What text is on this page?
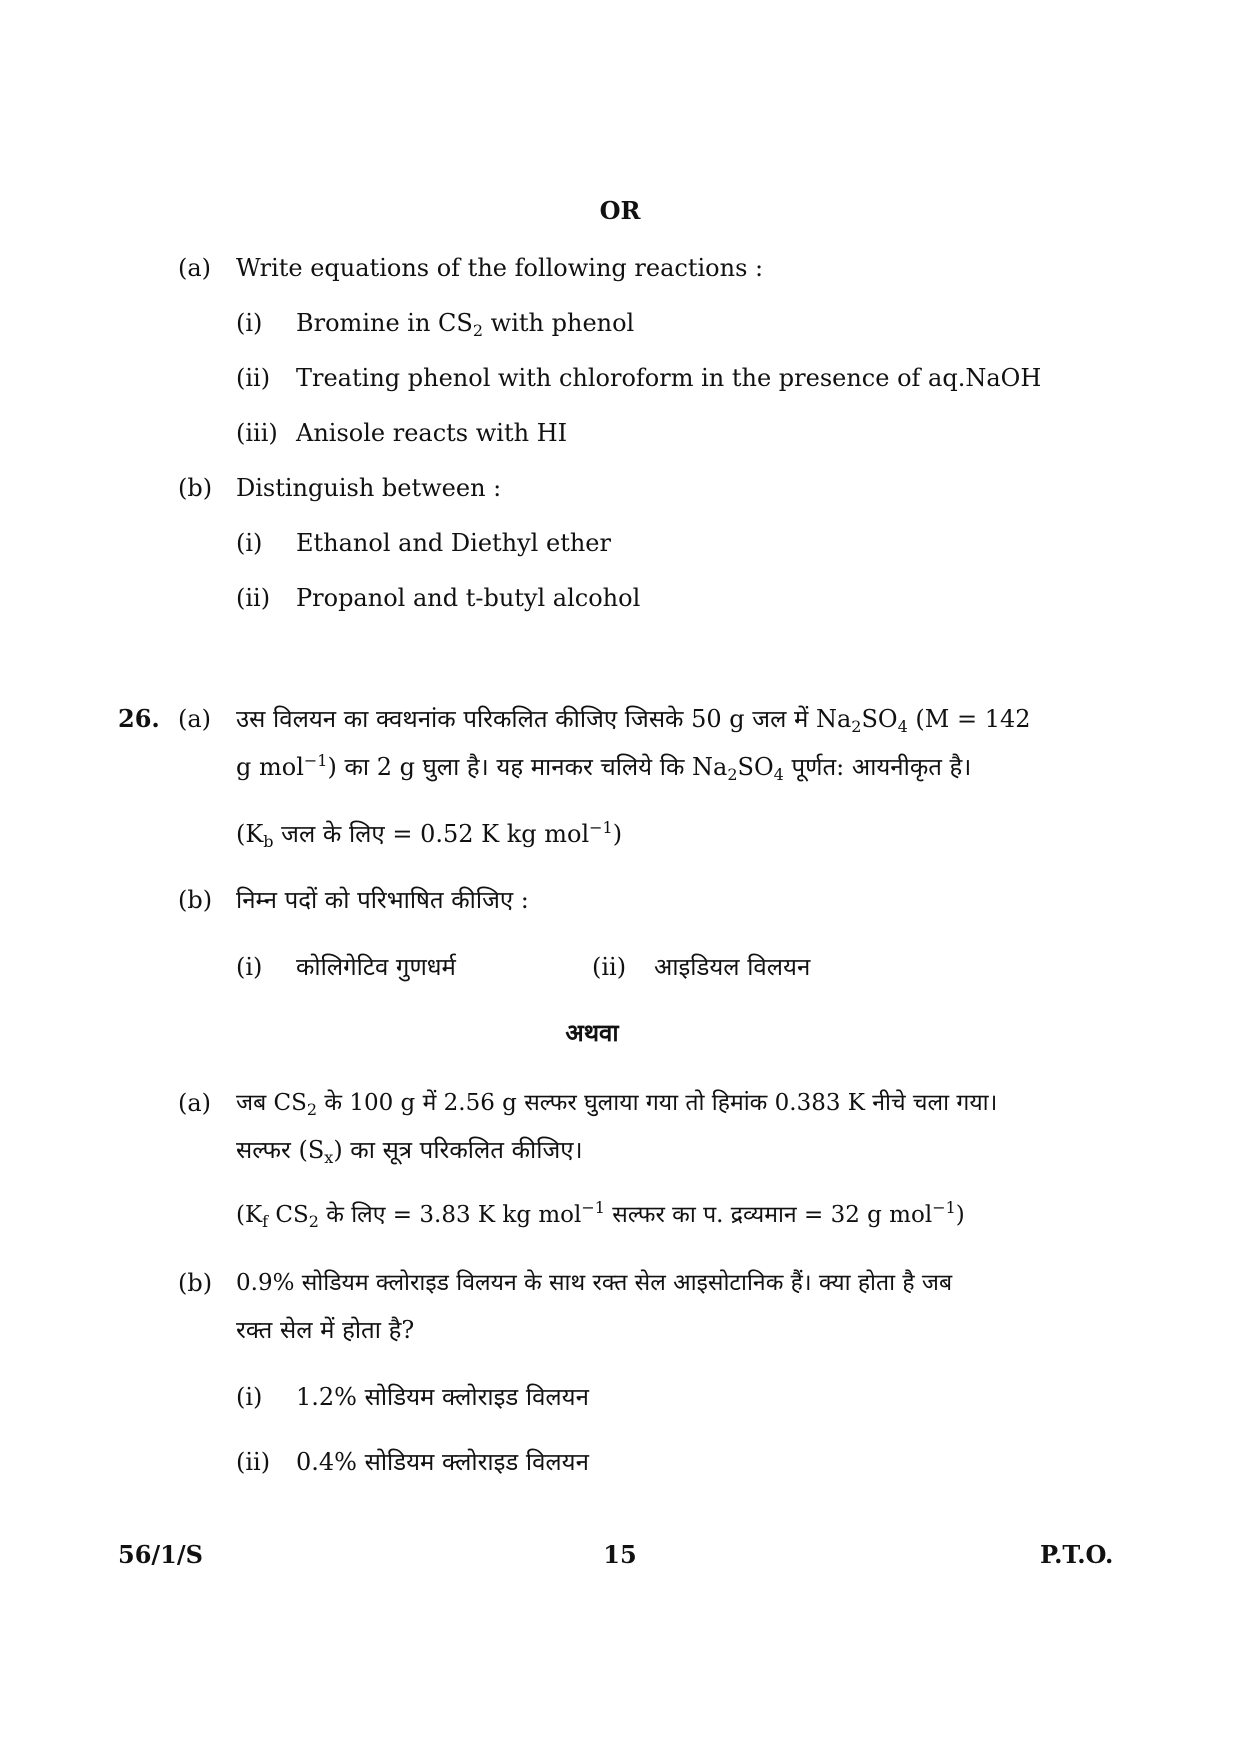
OR
(a) Write equations of the following reactions :
(i) Bromine in $CS_2$ with phenol
(ii) Treating phenol with chloroform in the presence of aq.NaOH
(iii) Anisole reacts with HI
(b) Distinguish between :
(i) Ethanol and Diethyl ether
(ii) Propanol and t-butyl alcohol
26. (a) उस विलयन का क्वथनांक परिकलित कीजिए जिसके 50 g जल में $Na_2SO_4$ (M = 142
g mol$^{-1}$) का 2 g घुला है। यह मानकर चलिये कि $Na_2SO_4$ पूर्णत: आयनीकृत है।
($K_b$ जल के लिए = 0.52 K kg mol$^{-1}$)
(b) निम्न पदों को परिभाषित कीजिए :
(i) कोलिगेटिव गुणधर्म	(ii) आइडियल विलयन
अथवा
(a) जब $CS_2$ के 100 g में 2.56 g सल्फर घुलाया गया तो हिमांक 0.383 K नीचे चला गया।
सल्फर $(S_x)$ का सूत्र परिकलित कीजिए।
($K_f$ $CS_2$ के लिए = 3.83 K kg mol$^{-1}$ सल्फर का प. द्रव्यमान = 32 g mol$^{-1}$)
(b) 0.9% सोडियम क्लोराइड विलयन के साथ रक्त सेल आइसोटानिक हैं। क्या होता है जब
रक्त सेल में होता है?
(i) 1.2% सोडियम क्लोराइड विलयन
(ii) 0.4% सोडियम क्लोराइड विलयन
56/1/S	15	P.T.O.
